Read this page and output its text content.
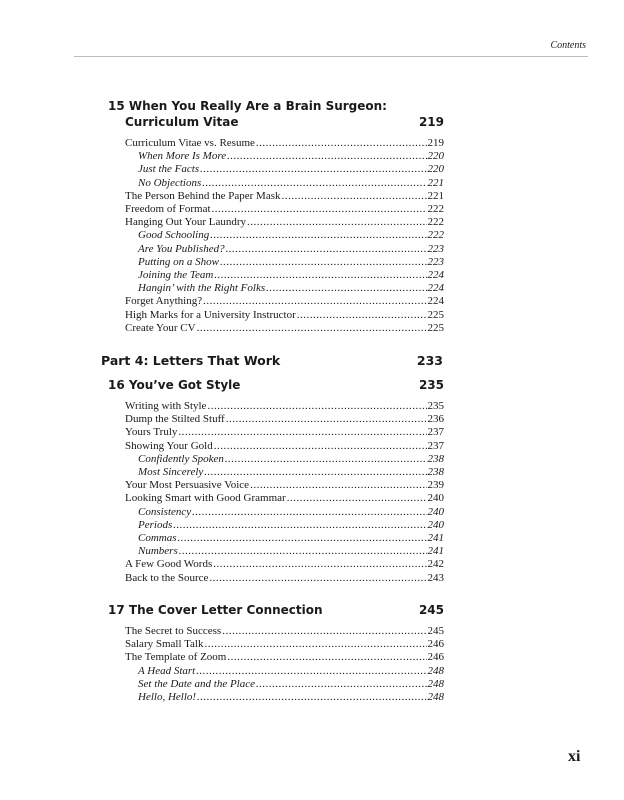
Contents
15 When You Really Are a Brain Surgeon:
Curriculum Vitae	219
Curriculum Vitae vs. Resume .....	219
When More Is More .....	220
Just the Facts .....	220
No Objections .....	221
The Person Behind the Paper Mask .....	221
Freedom of Format .....	222
Hanging Out Your Laundry .....	222
Good Schooling .....	222
Are You Published? .....	223
Putting on a Show .....	223
Joining the Team .....	224
Hangin’ with the Right Folks .....	224
Forget Anything? .....	224
High Marks for a University Instructor .....	225
Create Your CV .....	225
Part 4: Letters That Work	233
16 You’ve Got Style	235
Writing with Style .....	235
Dump the Stilted Stuff .....	236
Yours Truly .....	237
Showing Your Gold .....	237
Confidently Spoken .....	238
Most Sincerely .....	238
Your Most Persuasive Voice .....	239
Looking Smart with Good Grammar .....	240
Consistency .....	240
Periods .....	240
Commas .....	241
Numbers .....	241
A Few Good Words .....	242
Back to the Source .....	243
17 The Cover Letter Connection	245
The Secret to Success .....	245
Salary Small Talk .....	246
The Template of Zoom .....	246
A Head Start .....	248
Set the Date and the Place .....	248
Hello, Hello! .....	248
xi
